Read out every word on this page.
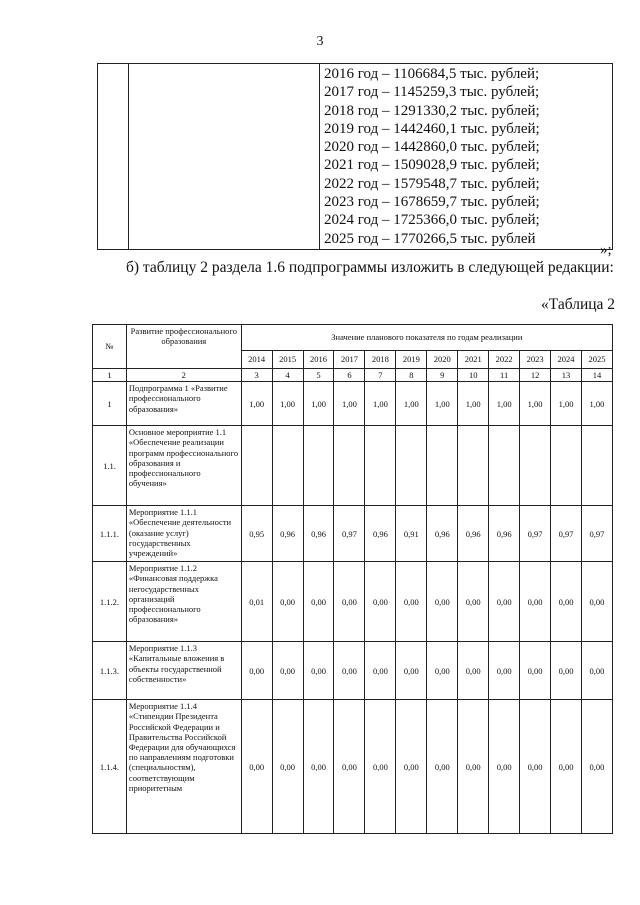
3

2016 год – 1106684,5 тыс. рублей;
2017 год – 1145259,3 тыс. рублей;
2018 год – 1291330,2 тыс. рублей;
2019 год – 1442460,1 тыс. рублей;
2020 год – 1442860,0 тыс. рублей;
2021 год – 1509028,9 тыс. рублей;
2022 год – 1579548,7 тыс. рублей;
2023 год – 1678659,7 тыс. рублей;
2024 год – 1725366,0 тыс. рублей;
2025 год – 1770266,5 тыс. рублей
»;
б) таблицу 2 раздела 1.6 подпрограммы изложить в следующей редакции:
«Таблица 2
№	Развитие профессионального образования	Значение планового показателя по годам реализации											
		2014	2015	2016	2017	2018	2019	2020	2021	2022	2023	2024	2025
1	2	3	4	5	6	7	8	9	10	11	12	13	14
1	Подпрограмма 1 «Развитие профессионального образования»	1,00	1,00	1,00	1,00	1,00	1,00	1,00	1,00	1,00	1,00	1,00	1,00
1.1.	Основное мероприятие 1.1 «Обеспечение реализации программ профессионального образования и профессионального обучения»												
1.1.1.	Мероприятие 1.1.1 «Обеспечение деятельности (оказание услуг) государственных учреждений»	0,95	0,96	0,96	0,97	0,96	0,91	0,96	0,96	0,96	0,97	0,97	0,97
1.1.2.	Мероприятие 1.1.2 «Финансовая поддержка негосударственных организаций профессионального образования»	0,01	0,00	0,00	0,00	0,00	0,00	0,00	0,00	0,00	0,00	0,00	0,00
1.1.3.	Мероприятие 1.1.3 «Капитальные вложения в объекты государственной собственности»	0,00	0,00	0,00	0,00	0,00	0,00	0,00	0,00	0,00	0,00	0,00	0,00
1.1.4.	Мероприятие 1.1.4 «Стипендии Президента Российской Федерации и Правительства Российской Федерации для обучающихся по направлениям подготовки (специальностям), соответствующим приоритетным	0,00	0,00	0,00	0,00	0,00	0,00	0,00	0,00	0,00	0,00	0,00	0,00
